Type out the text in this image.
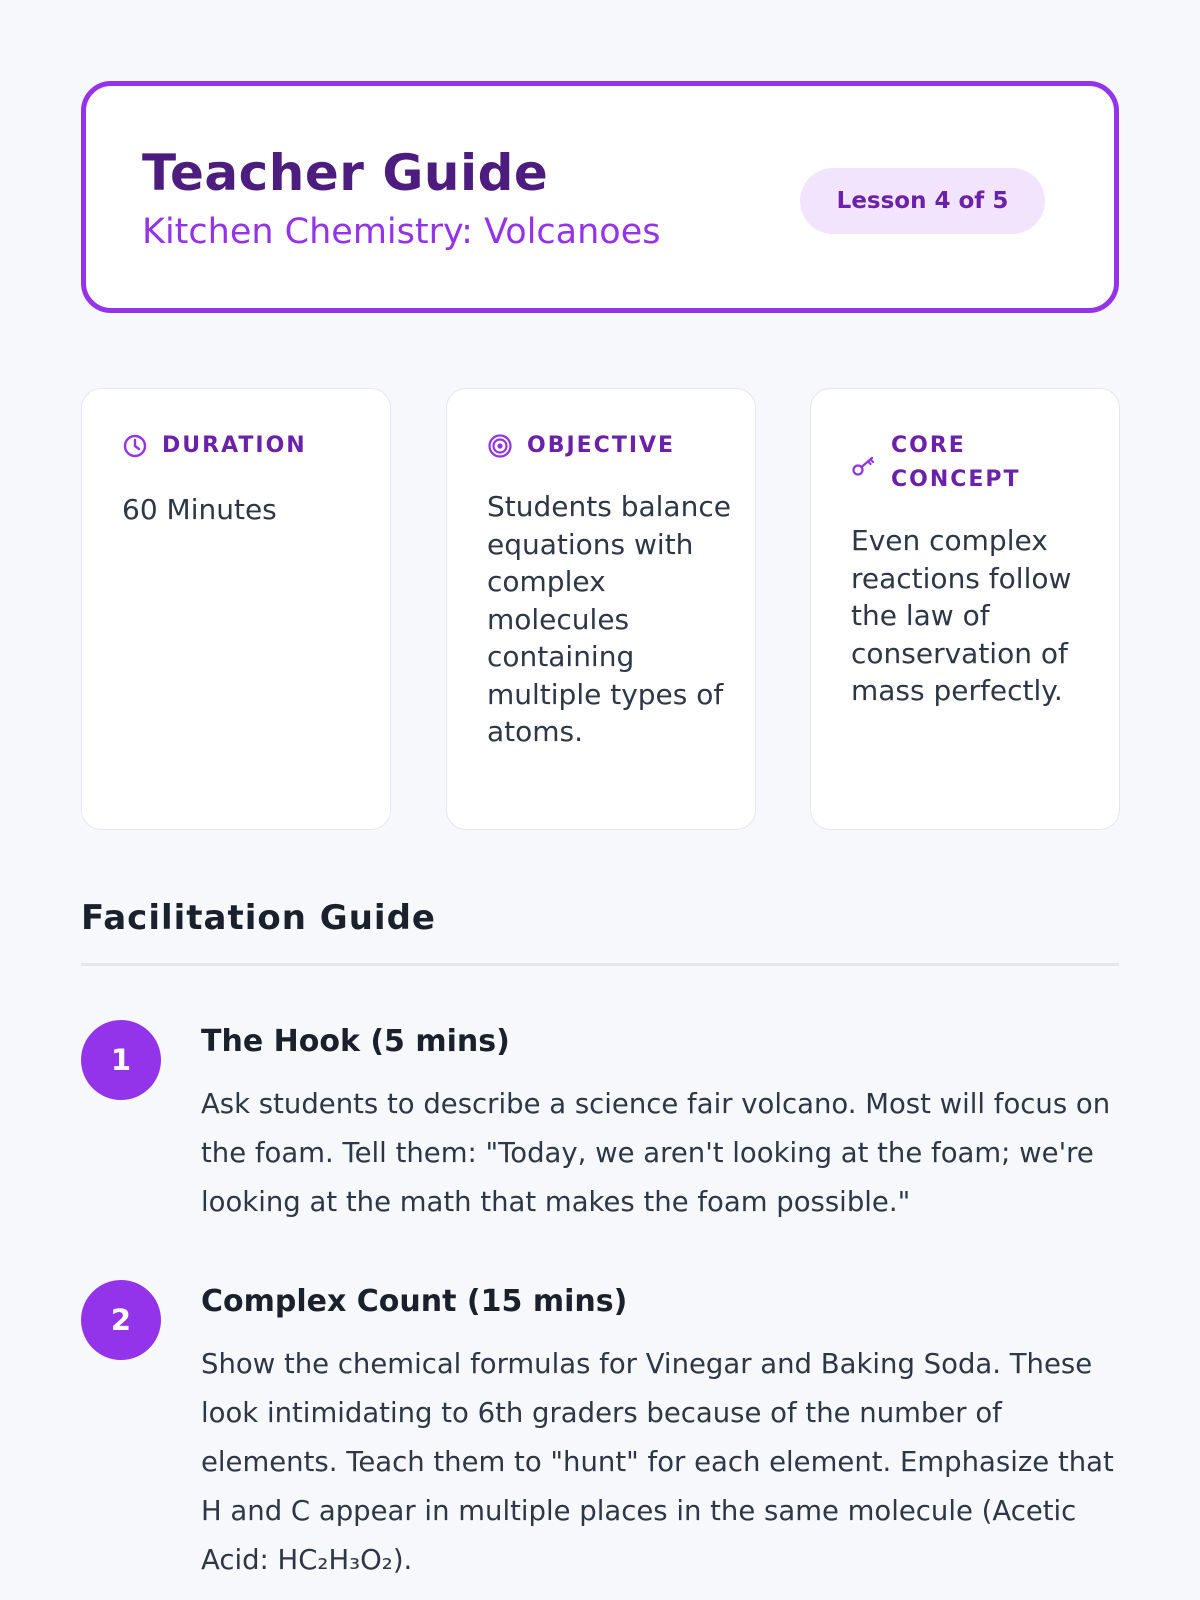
Teacher Guide
Kitchen Chemistry: Volcanoes
Lesson 4 of 5
DURATION
60 Minutes
OBJECTIVE
Students balance equations with complex molecules containing multiple types of atoms.
CORE CONCEPT
Even complex reactions follow the law of conservation of mass perfectly.
Facilitation Guide
1
The Hook (5 mins)
Ask students to describe a science fair volcano. Most will focus on the foam. Tell them: "Today, we aren't looking at the foam; we're looking at the math that makes the foam possible."
2
Complex Count (15 mins)
Show the chemical formulas for Vinegar and Baking Soda. These look intimidating to 6th graders because of the number of elements. Teach them to "hunt" for each element. Emphasize that H and C appear in multiple places in the same molecule (Acetic Acid: HC₂H₃O₂).
